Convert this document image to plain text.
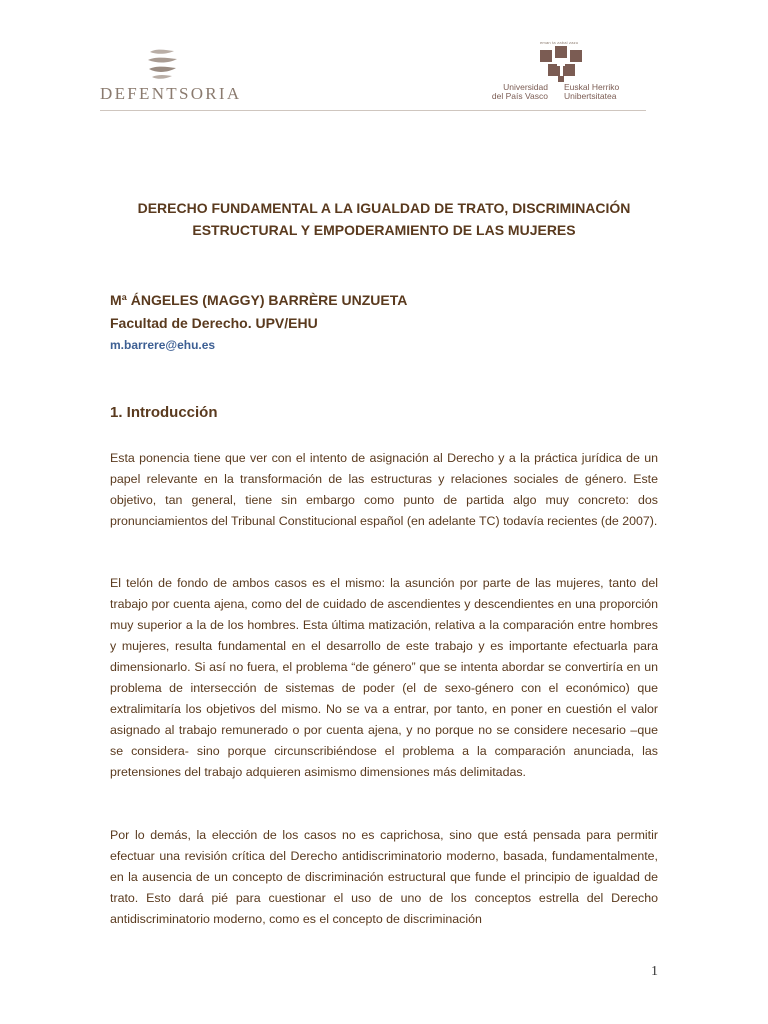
DEFENTSORIA
eman ta zabal zazu
Universidad
del País Vasco
Euskal Herriko
Unibertsitatea
DERECHO FUNDAMENTAL A LA IGUALDAD DE TRATO, DISCRIMINACIÓN
ESTRUCTURAL Y EMPODERAMIENTO DE LAS MUJERES
Mª ÁNGELES (MAGGY) BARRÈRE UNZUETA
Facultad de Derecho. UPV/EHU
m.barrere@ehu.es
1. Introducción

Esta ponencia tiene que ver con el intento de asignación al Derecho y a la práctica jurídica de un papel relevante en la transformación de las estructuras y relaciones sociales de género. Este objetivo, tan general, tiene sin embargo como punto de partida algo muy concreto: dos pronunciamientos del Tribunal Constitucional español (en adelante TC) todavía recientes (de 2007).

El telón de fondo de ambos casos es el mismo: la asunción por parte de las mujeres, tanto del trabajo por cuenta ajena, como del de cuidado de ascendientes y descendientes en una proporción muy superior a la de los hombres. Esta última matización, relativa a la comparación entre hombres y mujeres, resulta fundamental en el desarrollo de este trabajo y es importante efectuarla para dimensionarlo. Si así no fuera, el problema “de género” que se intenta abordar se convertiría en un problema de intersección de sistemas de poder (el de sexo-género con el económico) que extralimitaría los objetivos del mismo. No se va a entrar, por tanto, en poner en cuestión el valor asignado al trabajo remunerado o por cuenta ajena, y no porque no se considere necesario –que se considera- sino porque circunscribiéndose el problema a la comparación anunciada, las pretensiones del trabajo adquieren asimismo dimensiones más delimitadas.

Por lo demás, la elección de los casos no es caprichosa, sino que está pensada para permitir efectuar una revisión crítica del Derecho antidiscriminatorio moderno, basada, fundamentalmente, en la ausencia de un concepto de discriminación estructural que funde el principio de igualdad de trato. Esto dará pié para cuestionar el uso de uno de los conceptos estrella del Derecho antidiscriminatorio moderno, como es el concepto de discriminación

1
